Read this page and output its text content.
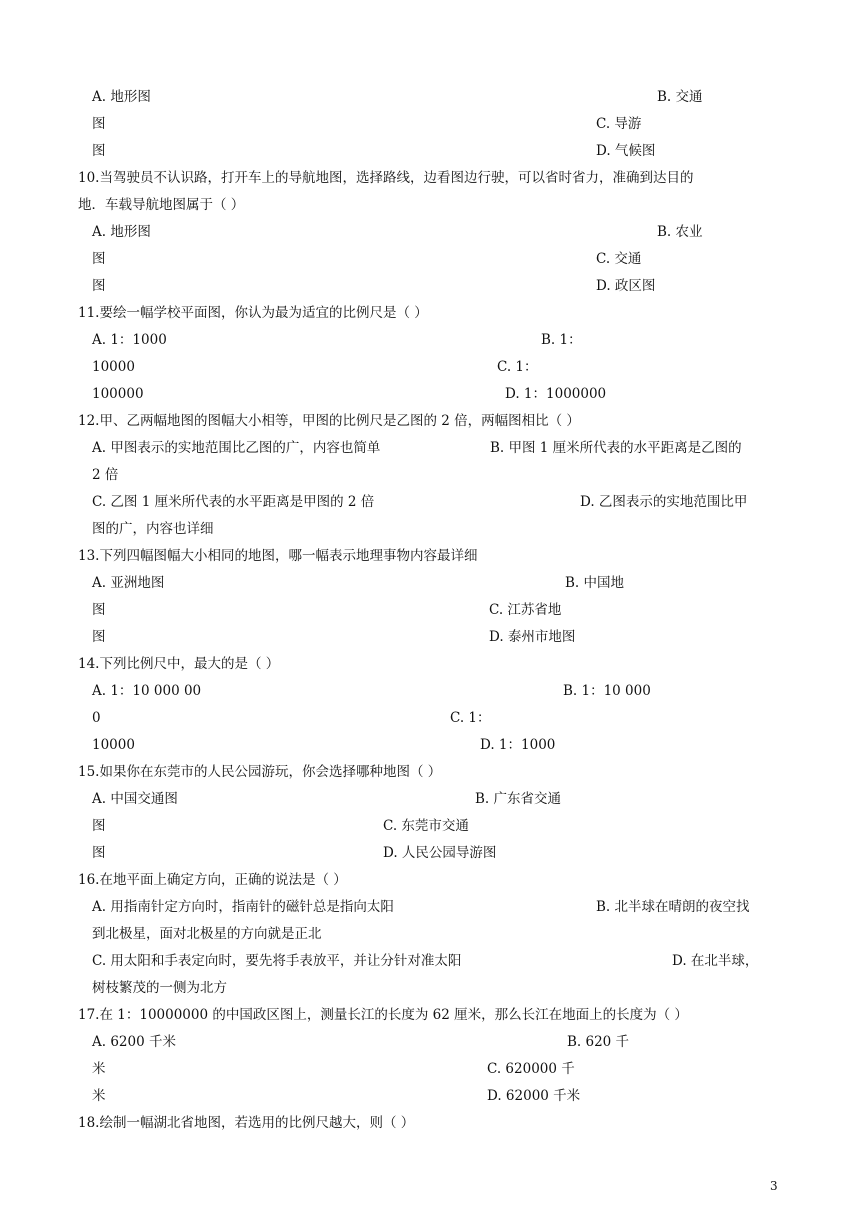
A. 地形图	B. 交通
图	C. 导游
图	D. 气候图
10.当驾驶员不认识路，打开车上的导航地图，选择路线，边看图边行驶，可以省时省力，准确到达目的
地．车载导航地图属于（ ）
A. 地形图	B. 农业
图	C. 交通
图	D. 政区图
11.要绘一幅学校平面图，你认为最为适宜的比例尺是（ ）
A. 1：1000	B. 1：
10000	C. 1：
100000	D. 1：1000000
12.甲、乙两幅地图的图幅大小相等，甲图的比例尺是乙图的 2 倍，两幅图相比（ ）
A. 甲图表示的实地范围比乙图的广，内容也简单	B. 甲图 1 厘米所代表的水平距离是乙图的
2 倍
C. 乙图 1 厘米所代表的水平距离是甲图的 2 倍	D. 乙图表示的实地范围比甲
图的广，内容也详细
13.下列四幅图幅大小相同的地图，哪一幅表示地理事物内容最详细
A. 亚洲地图	B. 中国地
图	C. 江苏省地
图	D. 泰州市地图
14.下列比例尺中，最大的是（ ）
A. 1：10 000 00	B. 1：10 000
0	C. 1：
10000	D. 1：1000
15.如果你在东莞市的人民公园游玩，你会选择哪种地图（ ）
A. 中国交通图	B. 广东省交通
图	C. 东莞市交通
图	D. 人民公园导游图
16.在地平面上确定方向，正确的说法是（ ）
A. 用指南针定方向时，指南针的磁针总是指向太阳	B. 北半球在晴朗的夜空找
到北极星，面对北极星的方向就是正北
C. 用太阳和手表定向时，要先将手表放平，并让分针对准太阳	D. 在北半球，
树枝繁茂的一侧为北方
17.在 1：10000000 的中国政区图上，测量长江的长度为 62 厘米，那么长江在地面上的长度为（ ）
A. 6200 千米	B. 620 千
米	C. 620000 千
米	D. 62000 千米
18.绘制一幅湖北省地图，若选用的比例尺越大，则（ ）
3
